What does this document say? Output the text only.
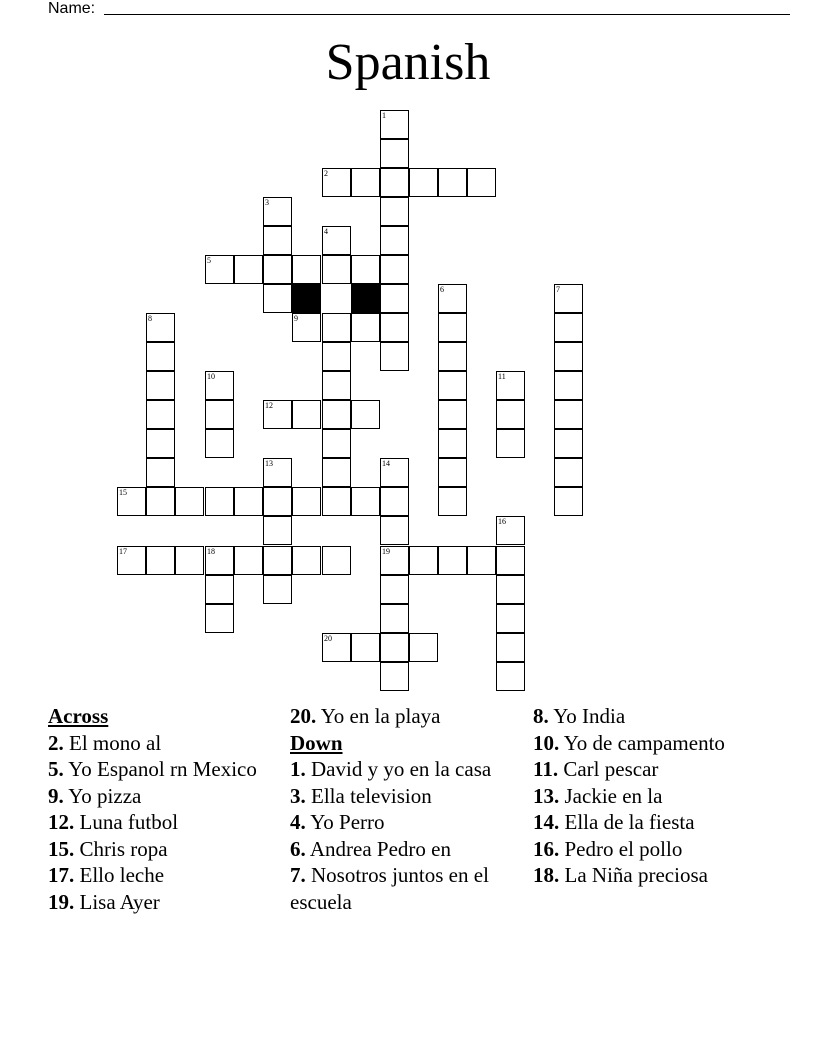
Name:
Spanish
1
2
3
4
5
6	7
8	9
10	11
12
13	14
15
16
17	18	19
20
Across
2. El mono al
5. Yo Espanol rn Mexico
9. Yo pizza
12. Luna futbol
15. Chris ropa
17. Ello leche
19. Lisa Ayer
20. Yo en la playa
Down
1. David y yo en la casa
3. Ella television
4. Yo Perro
6. Andrea Pedro en
7. Nosotros juntos en el escuela
8. Yo India
10. Yo de campamento
11. Carl pescar
13. Jackie en la
14. Ella de la fiesta
16. Pedro el pollo
18. La Niña preciosa
